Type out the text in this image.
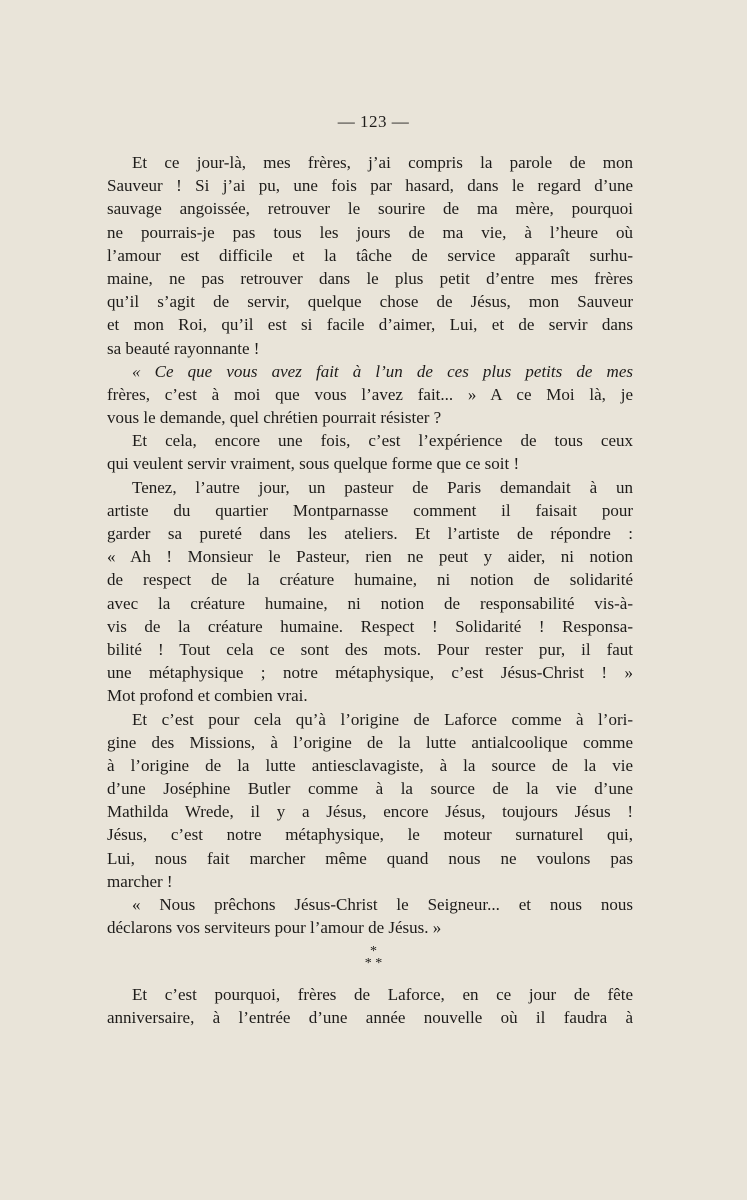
— 123 —
Et ce jour-là, mes frères, j’ai compris la parole de mon
Sauveur ! Si j’ai pu, une fois par hasard, dans le regard d’une
sauvage angoissée, retrouver le sourire de ma mère, pourquoi
ne pourrais-je pas tous les jours de ma vie, à l’heure où
l’amour est difficile et la tâche de service apparaît surhu-
maine, ne pas retrouver dans le plus petit d’entre mes frères
qu’il s’agit de servir, quelque chose de Jésus, mon Sauveur
et mon Roi, qu’il est si facile d’aimer, Lui, et de servir dans
sa beauté rayonnante !
« Ce que vous avez fait à l’un de ces plus petits de mes
frères, c’est à moi que vous l’avez fait... » A ce Moi là, je
vous le demande, quel chrétien pourrait résister ?
Et cela, encore une fois, c’est l’expérience de tous ceux
qui veulent servir vraiment, sous quelque forme que ce soit !
Tenez, l’autre jour, un pasteur de Paris demandait à un
artiste du quartier Montparnasse comment il faisait pour
garder sa pureté dans les ateliers. Et l’artiste de répondre :
« Ah ! Monsieur le Pasteur, rien ne peut y aider, ni notion
de respect de la créature humaine, ni notion de solidarité
avec la créature humaine, ni notion de responsabilité vis-à-
vis de la créature humaine. Respect ! Solidarité ! Responsa-
bilité ! Tout cela ce sont des mots. Pour rester pur, il faut
une métaphysique ; notre métaphysique, c’est Jésus-Christ ! »
Mot profond et combien vrai.
Et c’est pour cela qu’à l’origine de Laforce comme à l’ori-
gine des Missions, à l’origine de la lutte antialcoolique comme
à l’origine de la lutte antiesclavagiste, à la source de la vie
d’une Joséphine Butler comme à la source de la vie d’une
Mathilda Wrede, il y a Jésus, encore Jésus, toujours Jésus !
Jésus, c’est notre métaphysique, le moteur surnaturel qui,
Lui, nous fait marcher même quand nous ne voulons pas
marcher !
« Nous prêchons Jésus-Christ le Seigneur... et nous nous
déclarons vos serviteurs pour l’amour de Jésus. »
*
* *
Et c’est pourquoi, frères de Laforce, en ce jour de fête
anniversaire, à l’entrée d’une année nouvelle où il faudra à
